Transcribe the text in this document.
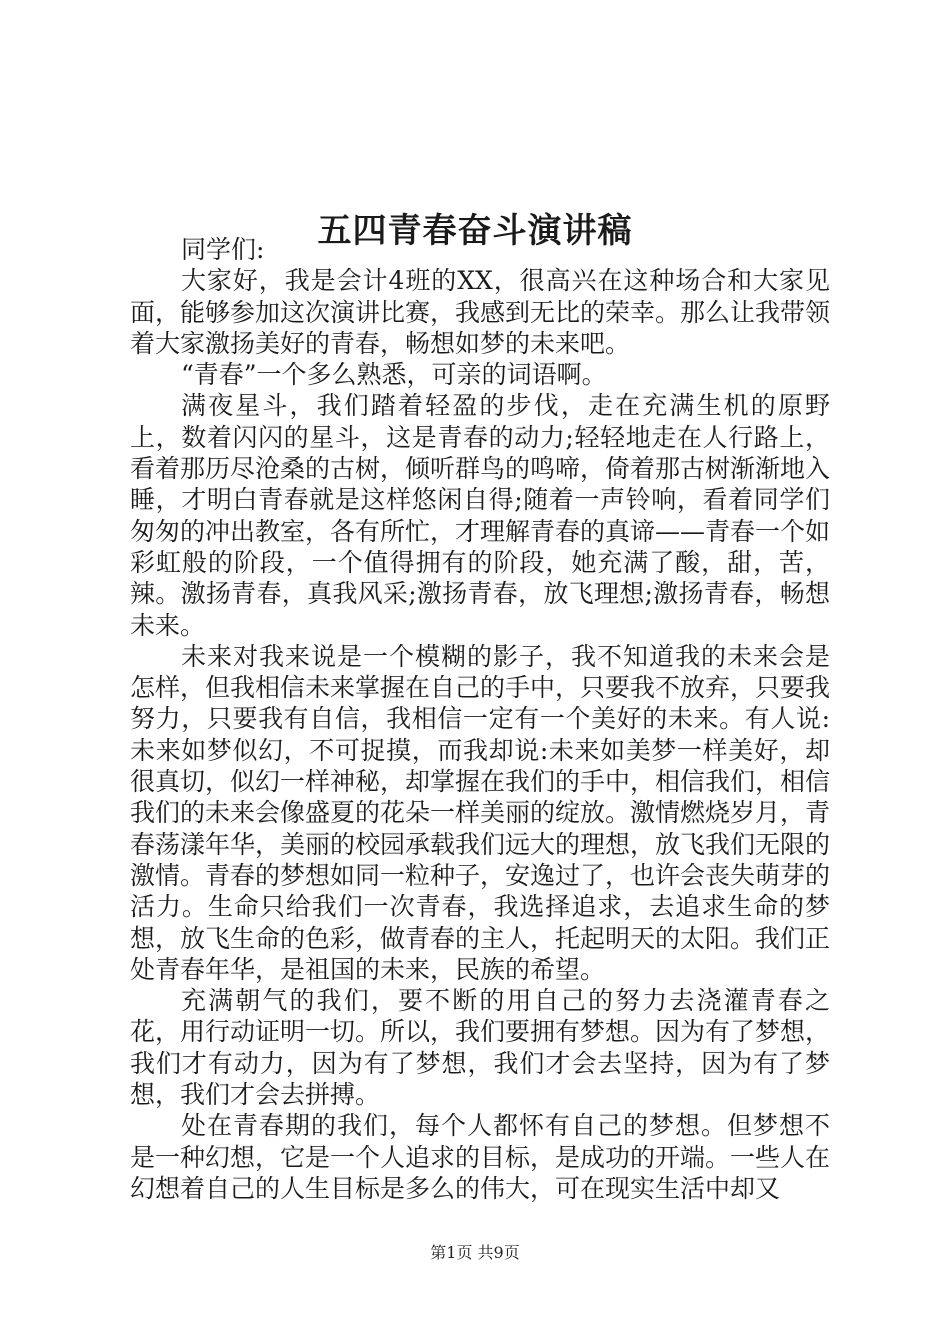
五四青春奋斗演讲稿

同学们:

大家好，我是会计4班的XX，很高兴在这种场合和大家见面，能够参加这次演讲比赛，我感到无比的荣幸。那么让我带领着大家激扬美好的青春，畅想如梦的未来吧。

“青春”一个多么熟悉，可亲的词语啊。

满夜星斗，我们踏着轻盈的步伐，走在充满生机的原野上，数着闪闪的星斗，这是青春的动力;轻轻地走在人行路上，看着那历尽沧桑的古树，倾听群鸟的鸣啼，倚着那古树渐渐地入睡，才明白青春就是这样悠闲自得;随着一声铃响，看着同学们匆匆的冲出教室，各有所忙，才理解青春的真谛——青春一个如彩虹般的阶段，一个值得拥有的阶段，她充满了酸，甜，苦，辣。激扬青春，真我风采;激扬青春，放飞理想;激扬青春，畅想未来。

未来对我来说是一个模糊的影子，我不知道我的未来会是怎样，但我相信未来掌握在自己的手中，只要我不放弃，只要我努力，只要我有自信，我相信一定有一个美好的未来。有人说:未来如梦似幻，不可捉摸，而我却说:未来如美梦一样美好，却很真切，似幻一样神秘，却掌握在我们的手中，相信我们，相信我们的未来会像盛夏的花朵一样美丽的绽放。激情燃烧岁月，青春荡漾年华，美丽的校园承载我们远大的理想，放飞我们无限的激情。青春的梦想如同一粒种子，安逸过了，也许会丧失萌芽的活力。生命只给我们一次青春，我选择追求，去追求生命的梦想，放飞生命的色彩，做青春的主人，托起明天的太阳。我们正处青春年华，是祖国的未来，民族的希望。

充满朝气的我们，要不断的用自己的努力去浇灌青春之花，用行动证明一切。所以，我们要拥有梦想。因为有了梦想，我们才有动力，因为有了梦想，我们才会去坚持，因为有了梦想，我们才会去拼搏。

处在青春期的我们，每个人都怀有自己的梦想。但梦想不是一种幻想，它是一个人追求的目标，是成功的开端。一些人在幻想着自己的人生目标是多么的伟大，可在现实生活中却又

第1页 共9页
